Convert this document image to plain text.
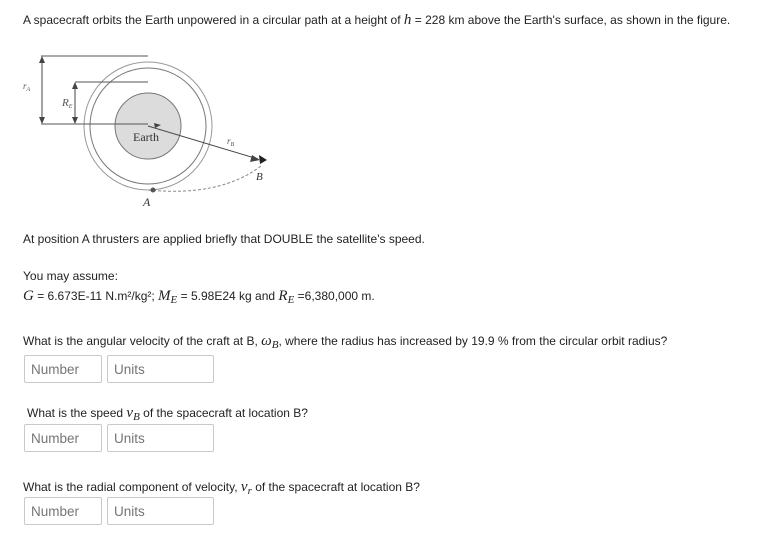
A spacecraft orbits the Earth unpowered in a circular path at a height of h = 228 km above the Earth's surface, as shown in the figure.
$r_A$
RE
Earth	$r_B$
B
A
At position A thrusters are applied briefly that DOUBLE the satellite's speed.
You may assume:
G = 6.673E-11 N.m²/kg²; $M_E = 5.98E24$ kg and $R_E =6,380,000$ m.
What is the angular velocity of the craft at B, $\omega_B$, where the radius has increased by 19.9 % from the circular orbit radius?
Number
Units
What is the speed $v_B$ of the spacecraft at location B?
Number
Units
What is the radial component of velocity, $v_r$ of the spacecraft at location B?
Number
Units
